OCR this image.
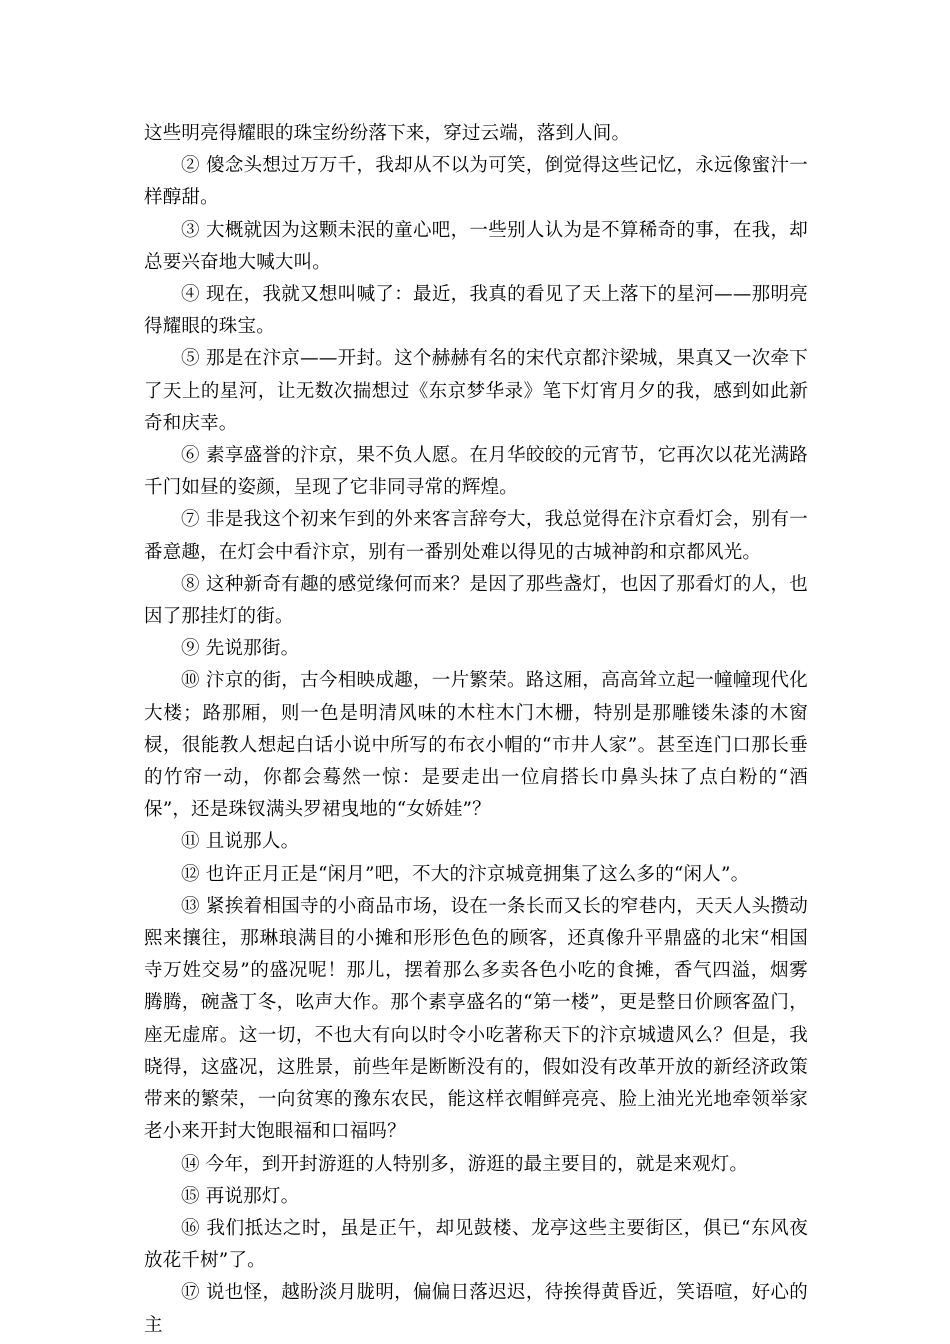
这些明亮得耀眼的珠宝纷纷落下来，穿过云端，落到人间。

② 傻念头想过万万千，我却从不以为可笑，倒觉得这些记忆，永远像蜜汁一样醇甜。

③ 大概就因为这颗未泯的童心吧，一些别人认为是不算稀奇的事，在我，却总要兴奋地大喊大叫。

④ 现在，我就又想叫喊了：最近，我真的看见了天上落下的星河——那明亮得耀眼的珠宝。

⑤ 那是在汴京——开封。这个赫赫有名的宋代京都汴梁城，果真又一次牵下了天上的星河，让无数次揣想过《东京梦华录》笔下灯宵月夕的我，感到如此新奇和庆幸。

⑥ 素享盛誉的汴京，果不负人愿。在月华皎皎的元宵节，它再次以花光满路千门如昼的姿颜，呈现了它非同寻常的辉煌。

⑦ 非是我这个初来乍到的外来客言辞夸大，我总觉得在汴京看灯会，别有一番意趣，在灯会中看汴京，别有一番别处难以得见的古城神韵和京都风光。

⑧ 这种新奇有趣的感觉缘何而来？是因了那些盏灯，也因了那看灯的人，也因了那挂灯的街。

⑨ 先说那街。

⑩ 汴京的街，古今相映成趣，一片繁荣。路这厢，高高耸立起一幢幢现代化大楼；路那厢，则一色是明清风味的木柱木门木栅，特别是那雕镂朱漆的木窗棂，很能教人想起白话小说中所写的布衣小帽的“市井人家”。甚至连门口那长垂的竹帘一动，你都会蓦然一惊：是要走出一位肩搭长巾鼻头抹了点白粉的“酒保”，还是珠钗满头罗裙曳地的“女娇娃”？

⑪ 且说那人。

⑫ 也许正月正是“闲月”吧，不大的汴京城竟拥集了这么多的“闲人”。

⑬ 紧挨着相国寺的小商品市场，设在一条长而又长的窄巷内，天天人头攒动熙来攘往，那琳琅满目的小摊和形形色色的顾客，还真像升平鼎盛的北宋“相国寺万姓交易”的盛况呢！那儿，摆着那么多卖各色小吃的食摊，香气四溢，烟雾腾腾，碗盏丁冬，吆声大作。那个素享盛名的“第一楼”，更是整日价顾客盈门，座无虚席。这一切，不也大有向以时令小吃著称天下的汴京城遗风么？但是，我晓得，这盛况，这胜景，前些年是断断没有的，假如没有改革开放的新经济政策带来的繁荣，一向贫寒的豫东农民，能这样衣帽鲜亮亮、脸上油光光地牵领举家老小来开封大饱眼福和口福吗？

⑭ 今年，到开封游逛的人特别多，游逛的最主要目的，就是来观灯。

⑮ 再说那灯。

⑯ 我们抵达之时，虽是正午，却见鼓楼、龙亭这些主要街区，俱已“东风夜放花千树”了。

⑰ 说也怪，越盼淡月胧明，偏偏日落迟迟，待挨得黄昏近，笑语喧，好心的主
